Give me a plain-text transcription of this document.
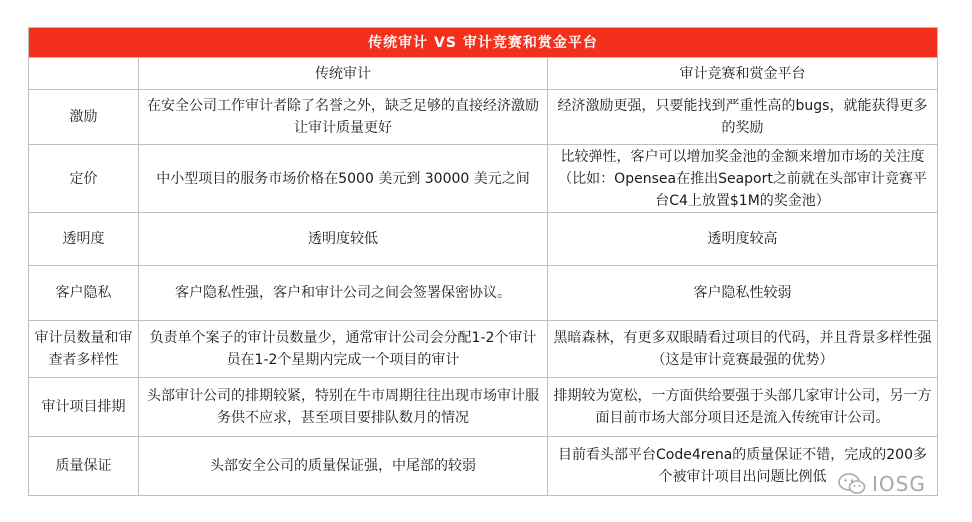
传统审计 VS 审计竞赛和赏金平台		
	传统审计	审计竞赛和赏金平台
激励	在安全公司工作审计者除了名誉之外，缺乏足够的直接经济激励让审计质量更好	经济激励更强，只要能找到严重性高的bugs，就能获得更多的奖励
定价	中小型项目的服务市场价格在5000 美元到 30000 美元之间	比较弹性，客户可以增加奖金池的金额来增加市场的关注度（比如：Opensea在推出Seaport之前就在头部审计竞赛平台C4上放置$1M的奖金池）
透明度	透明度较低	透明度较高
客户隐私	客户隐私性强，客户和审计公司之间会签署保密协议。	客户隐私性较弱
审计员数量和审查者多样性	负责单个案子的审计员数量少，通常审计公司会分配1-2个审计员在1-2个星期内完成一个项目的审计	黑暗森林，有更多双眼睛看过项目的代码，并且背景多样性强（这是审计竞赛最强的优势）
审计项目排期	头部审计公司的排期较紧，特别在牛市周期往往出现市场审计服务供不应求，甚至项目要排队数月的情况	排期较为宽松，一方面供给要强于头部几家审计公司，另一方面目前市场大部分项目还是流入传统审计公司。
质量保证	头部安全公司的质量保证强，中尾部的较弱	目前看头部平台Code4rena的质量保证不错，完成的200多个被审计项目出问题比例低 IOSG
